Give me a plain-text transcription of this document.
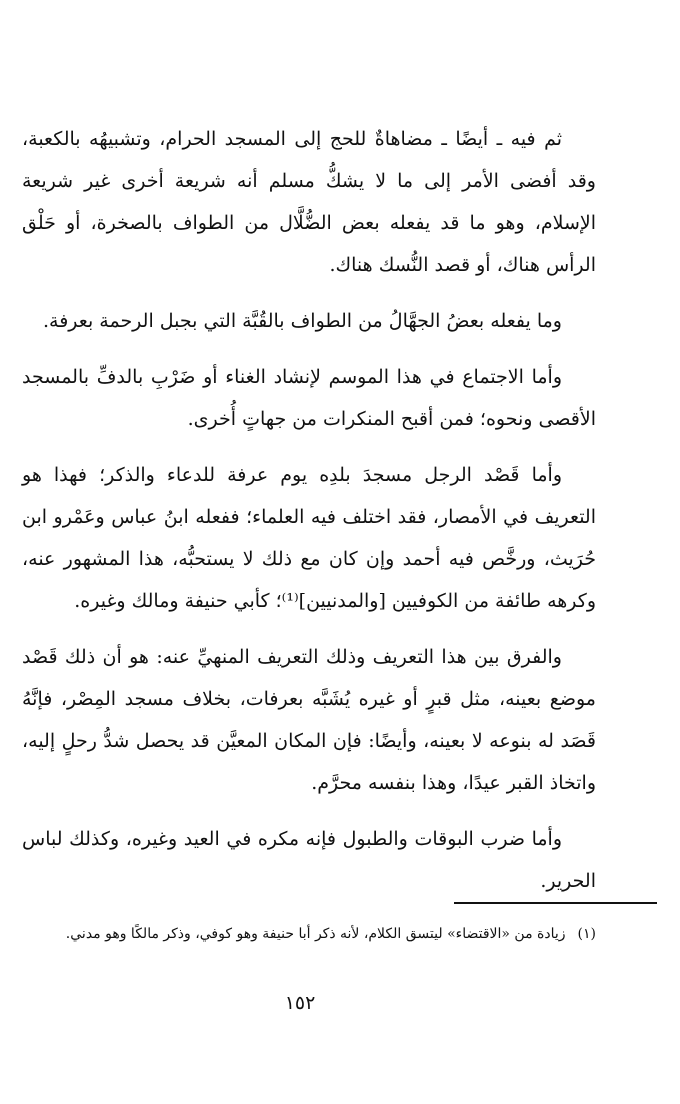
ثم فيه ـ أيضًا ـ مضاهاةٌ للحج إلى المسجد الحرام، وتشبيهُه بالكعبة، وقد أفضى الأمر إلى ما لا يشكُّ مسلم أنه شريعة أخرى غير شريعة الإسلام، وهو ما قد يفعله بعض الضُّلَّال من الطواف بالصخرة، أو حَلْق الرأس هناك، أو قصد النُّسك هناك.

وما يفعله بعضُ الجهَّالُ من الطواف بالقُبَّة التي بجبل الرحمة بعرفة.

وأما الاجتماع في هذا الموسم لإنشاد الغناء أو ضَرْبِ بالدفِّ بالمسجد الأقصى ونحوه؛ فمن أقبح المنكرات من جهاتٍ أُخرى.

وأما قَصْد الرجل مسجدَ بلدِه يوم عرفة للدعاء والذكر؛ فهذا هو التعريف في الأمصار، فقد اختلف فيه العلماء؛ ففعله ابنُ عباس وعَمْرو ابن حُرَيث، ورخَّص فيه أحمد وإن كان مع ذلك لا يستحبُّه، هذا المشهور عنه، وكرهه طائفة من الكوفيين [والمدنيين]⁽¹⁾؛ كأبي حنيفة ومالك وغيره.

والفرق بين هذا التعريف وذلك التعريف المنهيِّ عنه: هو أن ذلك قَصْد موضع بعينه، مثل قبرٍ أو غيره يُشَبَّه بعرفات، بخلاف مسجد المِصْر، فإنَّهُ قَصَد له بنوعه لا بعينه، وأيضًا: فإن المكان المعيَّن قد يحصل شدُّ رحلٍ إليه، واتخاذ القبر عيدًا، وهذا بنفسه محرَّم.

وأما ضرب البوقات والطبول فإنه مكره في العيد وغيره، وكذلك لباس الحرير.

(١)زيادة من «الاقتضاء» ليتسق الكلام، لأنه ذكر أبا حنيفة وهو كوفي، وذكر مالكًا وهو مدني.
١٥٢
